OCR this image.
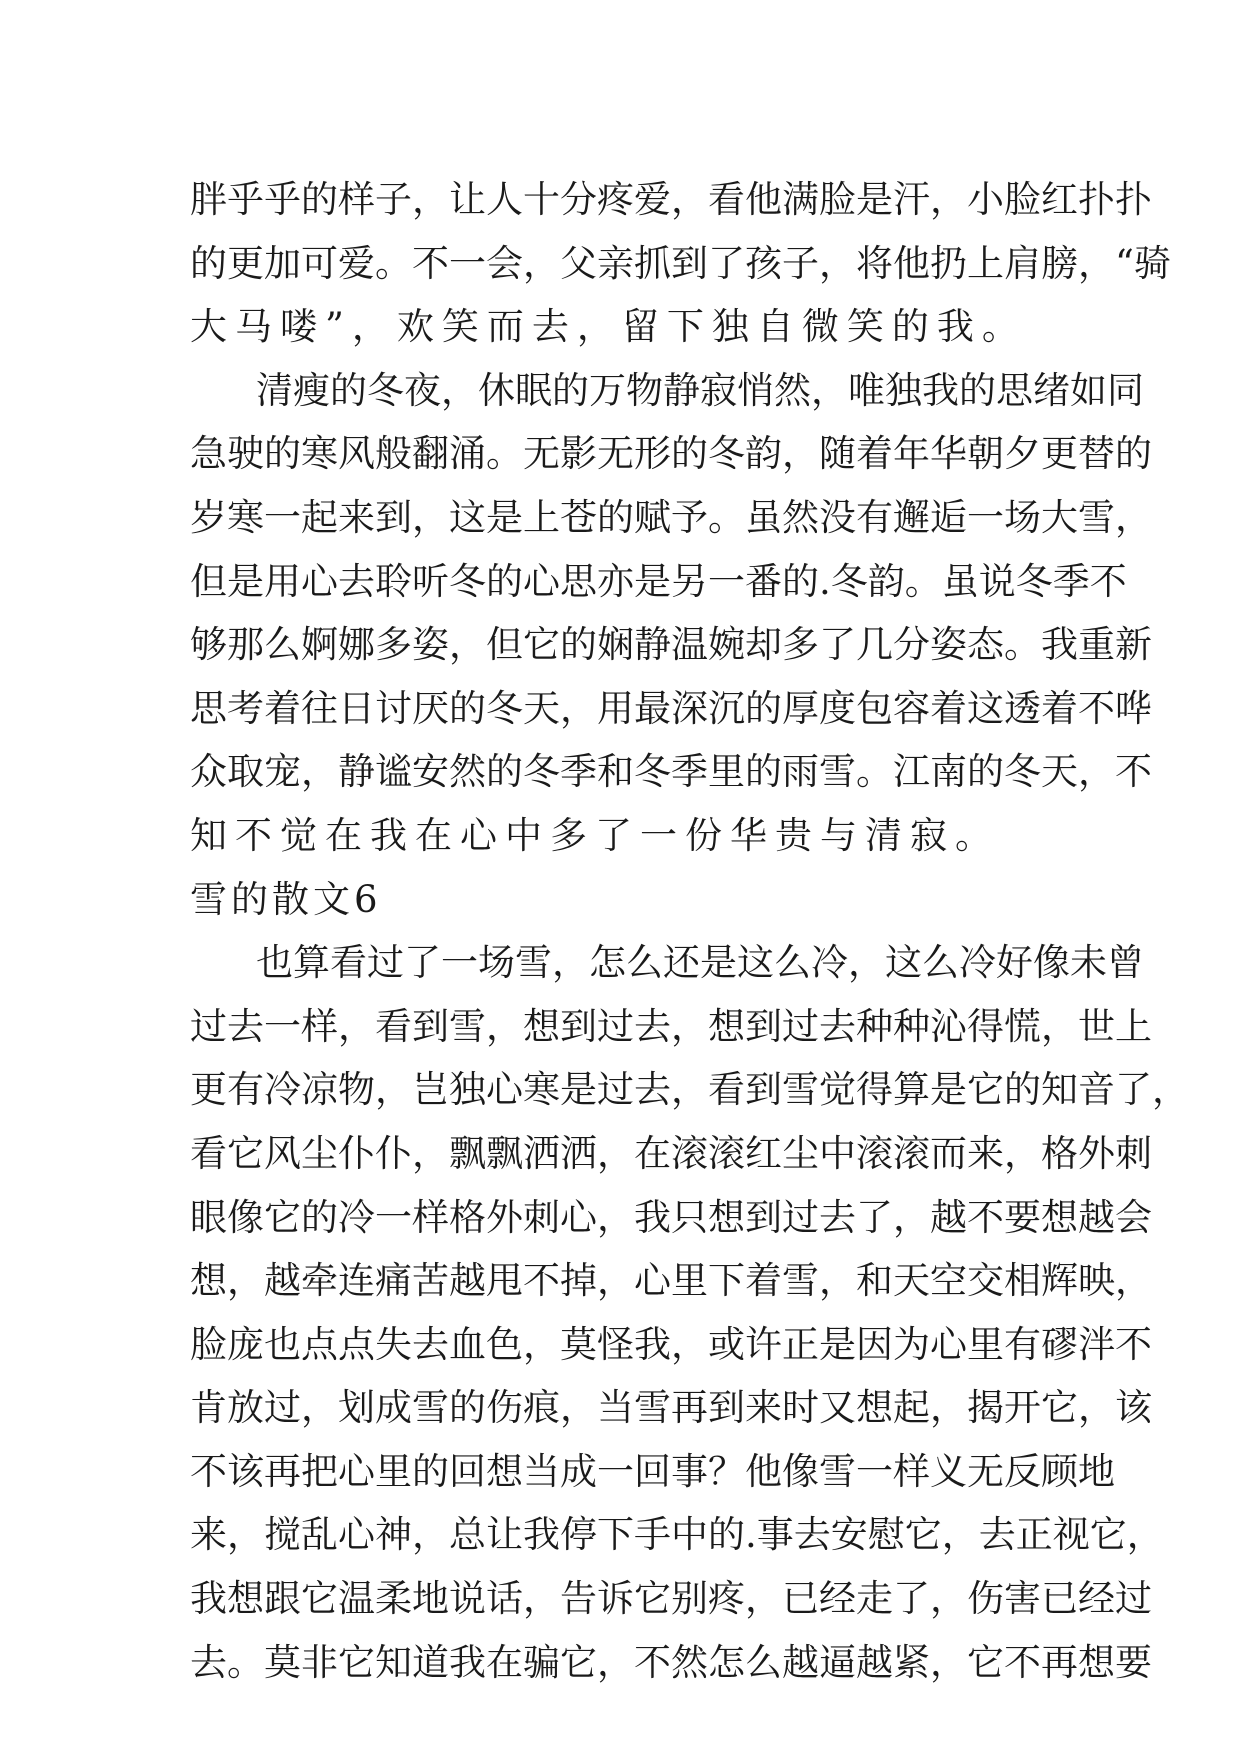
胖 乎 乎 的 样 子 ， 让 人 十 分 疼 爱 ， 看 他 满 脸 是 汗 ， 小 脸 红 扑 扑
的 更 加 可 爱 。 不 一 会 ， 父 亲 抓 到 了 孩 子 ， 将 他 扔 上 肩 膀 ， “ 骑
大马喽”，欢笑而去，留下独自微笑的我。
清 瘦 的 冬 夜 ， 休 眠 的 万 物 静 寂 悄 然 ， 唯 独 我 的 思 绪 如 同
急 驶 的 寒 风 般 翻 涌 。 无 影 无 形 的 冬 韵 ， 随 着 年 华 朝 夕 更 替 的
岁 寒 一 起 来 到 ， 这 是 上 苍 的 赋 予 。 虽 然 没 有 邂 逅 一 场 大 雪 ，
但 是 用 心 去 聆 听 冬 的 心 思 亦 是 另 一 番 的 . 冬 韵 。 虽 说 冬 季 不
够 那 么 婀 娜 多 姿 ， 但 它 的 娴 静 温 婉 却 多 了 几 分 姿 态 。 我 重 新
思 考 着 往 日 讨 厌 的 冬 天 ， 用 最 深 沉 的 厚 度 包 容 着 这 透 着 不 哗
众 取 宠 ， 静 谧 安 然 的 冬 季 和 冬 季 里 的 雨 雪 。 江 南 的 冬 天 ， 不
知不觉在我在心中多了一份华贵与清寂。
雪的散文6
也 算 看 过 了 一 场 雪 ， 怎 么 还 是 这 么 冷 ， 这 么 冷 好 像 未 曾
过 去 一 样 ， 看 到 雪 ， 想 到 过 去 ， 想 到 过 去 种 种 沁 得 慌 ， 世 上
更 有 冷 凉 物 ， 岂 独 心 寒 是 过 去 ， 看 到 雪 觉 得 算 是 它 的 知 音 了 ，
看 它 风 尘 仆 仆 ， 飘 飘 洒 洒 ， 在 滚 滚 红 尘 中 滚 滚 而 来 ， 格 外 刺
眼 像 它 的 冷 一 样 格 外 刺 心 ， 我 只 想 到 过 去 了 ， 越 不 要 想 越 会
想 ， 越 牵 连 痛 苦 越 甩 不 掉 ， 心 里 下 着 雪 ， 和 天 空 交 相 辉 映 ，
脸 庞 也 点 点 失 去 血 色 ， 莫 怪 我 ， 或 许 正 是 因 为 心 里 有 磟 泮 不
肯 放 过 ， 划 成 雪 的 伤 痕 ， 当 雪 再 到 来 时 又 想 起 ， 揭 开 它 ， 该
不 该 再 把 心 里 的 回 想 当 成 一 回 事 ？ 他 像 雪 一 样 义 无 反 顾 地
来 ， 搅 乱 心 神 ， 总 让 我 停 下 手 中 的 . 事 去 安 慰 它 ， 去 正 视 它 ，
我 想 跟 它 温 柔 地 说 话 ， 告 诉 它 别 疼 ， 已 经 走 了 ， 伤 害 已 经 过
去 。 莫 非 它 知 道 我 在 骗 它 ， 不 然 怎 么 越 逼 越 紧 ， 它 不 再 想 要
